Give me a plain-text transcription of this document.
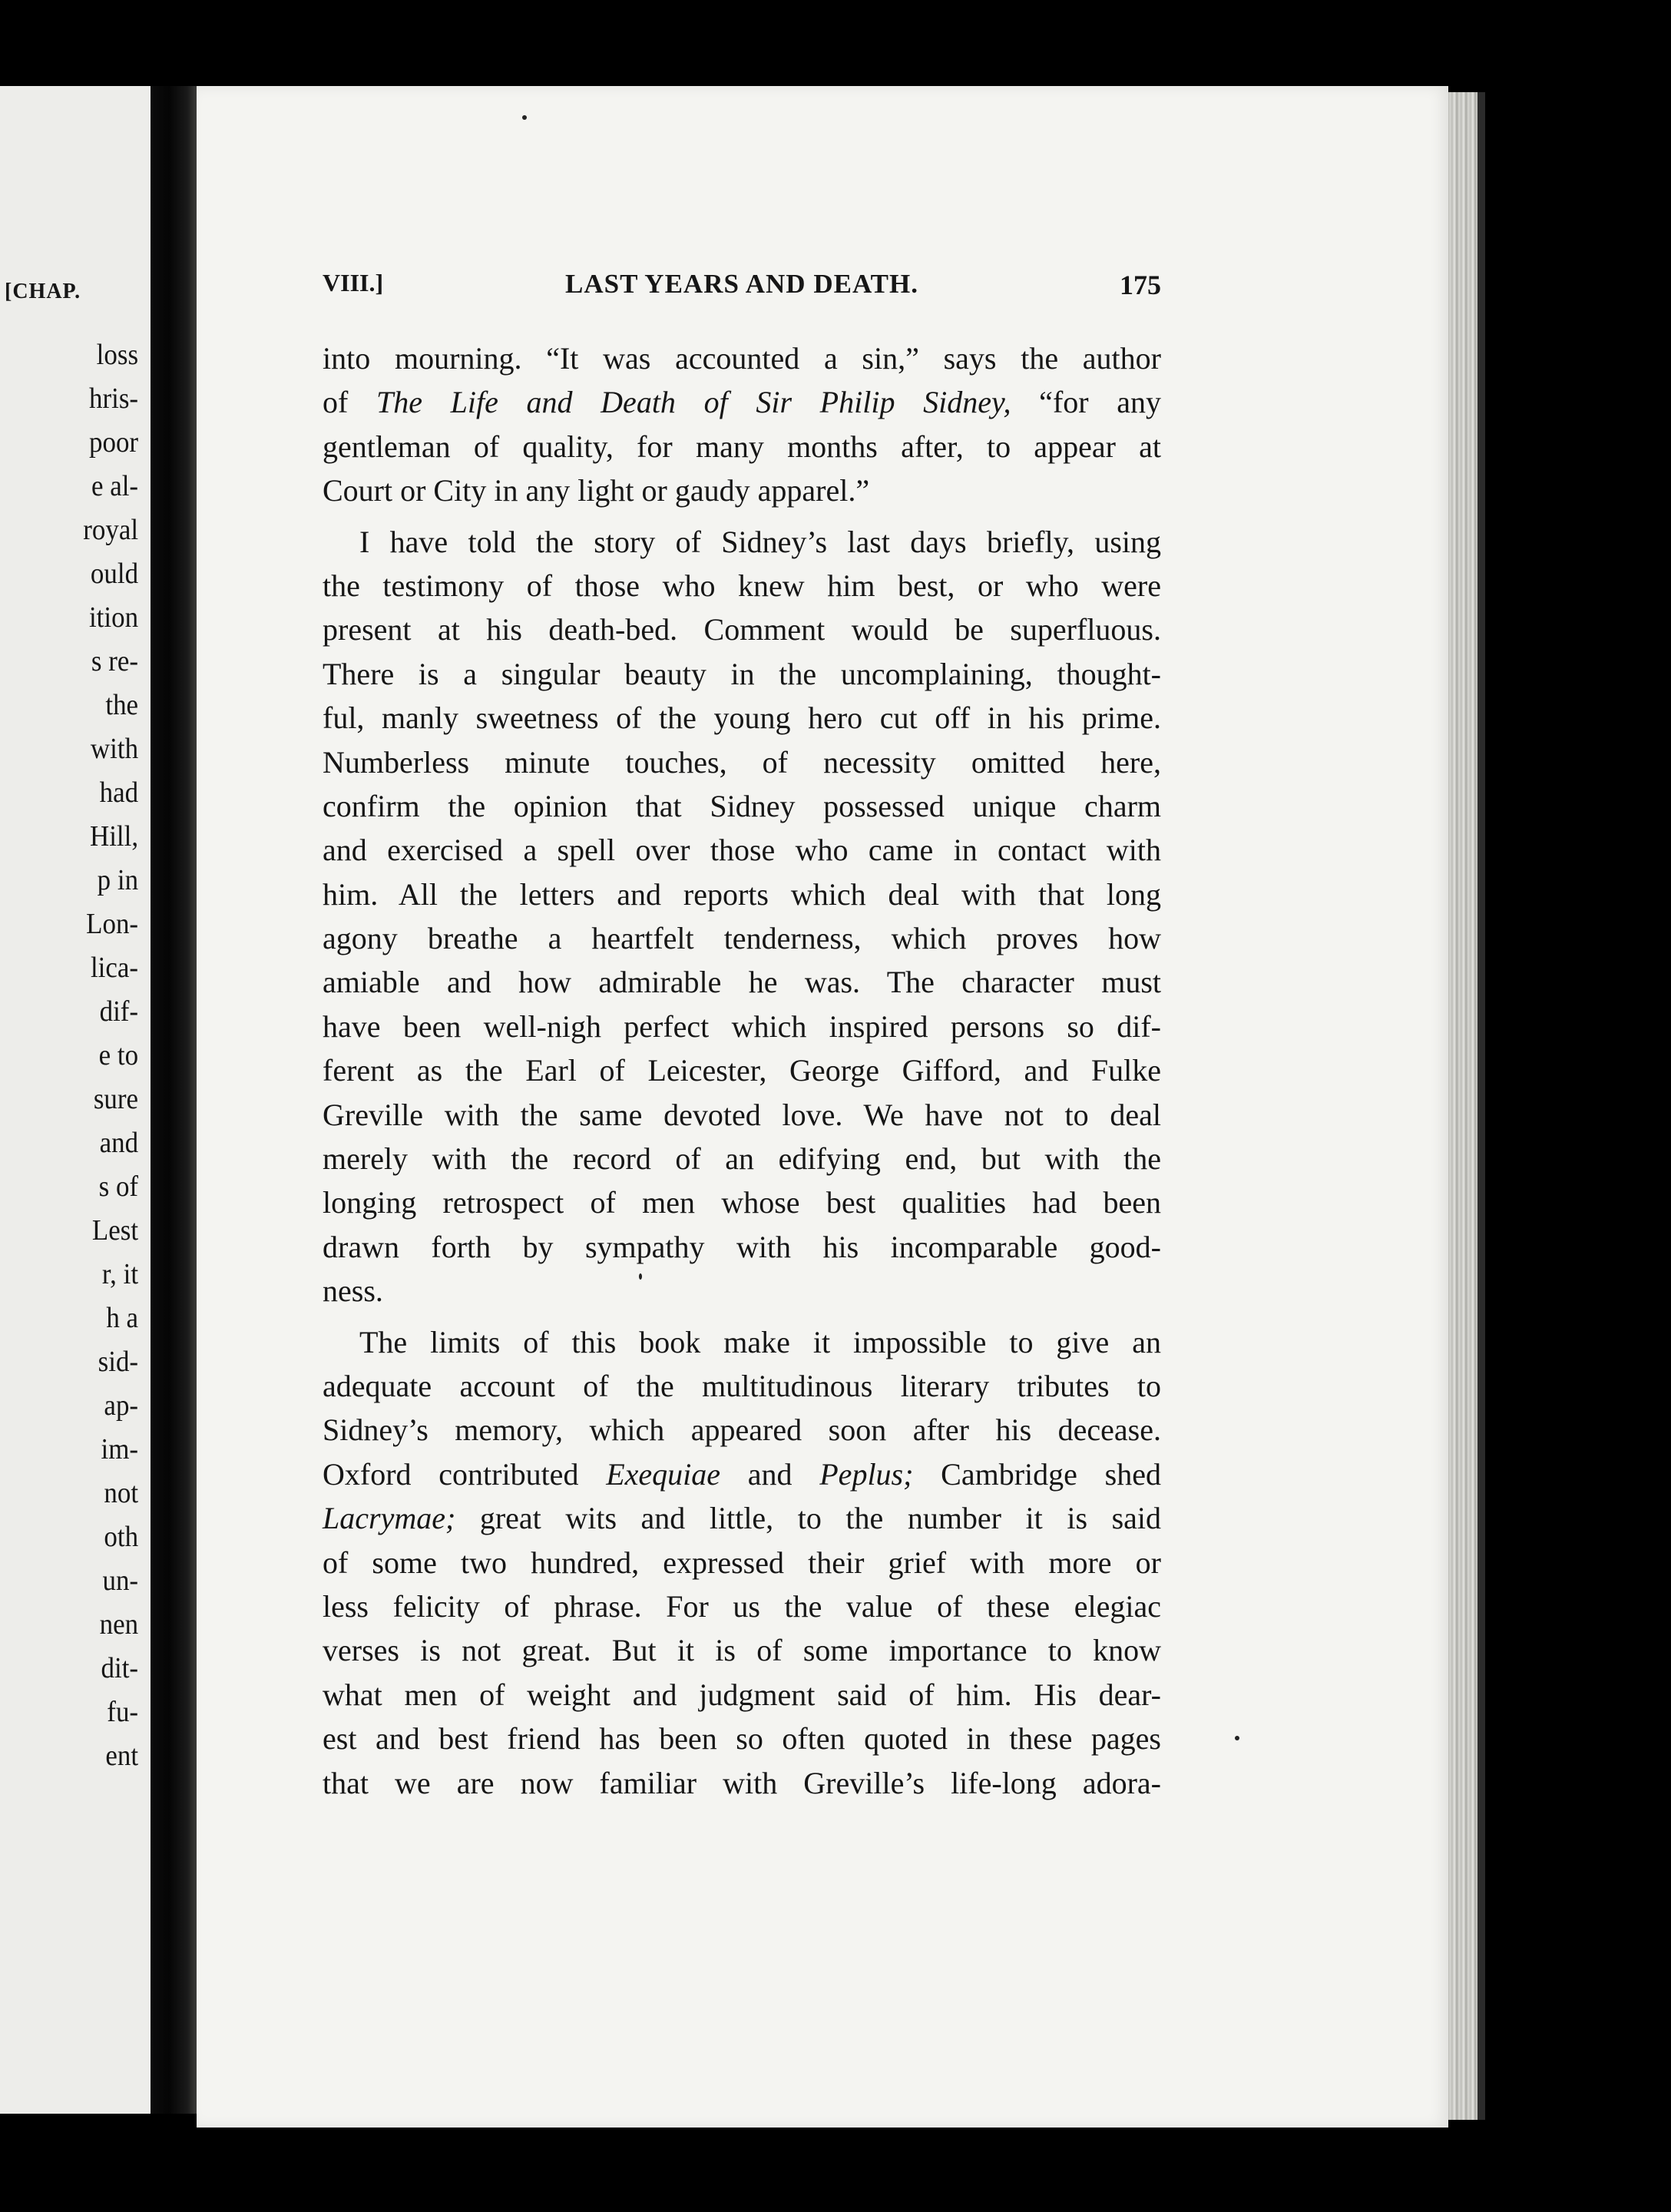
[CHAP.
loss
hris-
poor
e al-
royal
ould
ition
s re-
the
with
had
Hill,
p in
Lon-
lica-
dif-
e to
sure
and
s of
Lest
r, it
h a
sid-
ap-
im-
not
oth
un-
nen
dit-
fu-
ent
VIII.]	LAST YEARS AND DEATH.	175
into mourning. “It was accounted a sin,” says the author
of The Life and Death of Sir Philip Sidney, “for any
gentleman of quality, for many months after, to appear at
Court or City in any light or gaudy apparel.”
I have told the story of Sidney’s last days briefly, using
the testimony of those who knew him best, or who were
present at his death-bed. Comment would be superfluous.
There is a singular beauty in the uncomplaining, thought-
ful, manly sweetness of the young hero cut off in his prime.
Numberless minute touches, of necessity omitted here,
confirm the opinion that Sidney possessed unique charm
and exercised a spell over those who came in contact with
him. All the letters and reports which deal with that long
agony breathe a heartfelt tenderness, which proves how
amiable and how admirable he was. The character must
have been well-nigh perfect which inspired persons so dif-
ferent as the Earl of Leicester, George Gifford, and Fulke
Greville with the same devoted love. We have not to deal
merely with the record of an edifying end, but with the
longing retrospect of men whose best qualities had been
drawn forth by sympathy with his incomparable good-
ness.
The limits of this book make it impossible to give an
adequate account of the multitudinous literary tributes to
Sidney’s memory, which appeared soon after his decease.
Oxford contributed Exequiae and Peplus; Cambridge shed
Lacrymae; great wits and little, to the number it is said
of some two hundred, expressed their grief with more or
less felicity of phrase. For us the value of these elegiac
verses is not great. But it is of some importance to know
what men of weight and judgment said of him. His dear-
est and best friend has been so often quoted in these pages
that we are now familiar with Greville’s life-long adora-
